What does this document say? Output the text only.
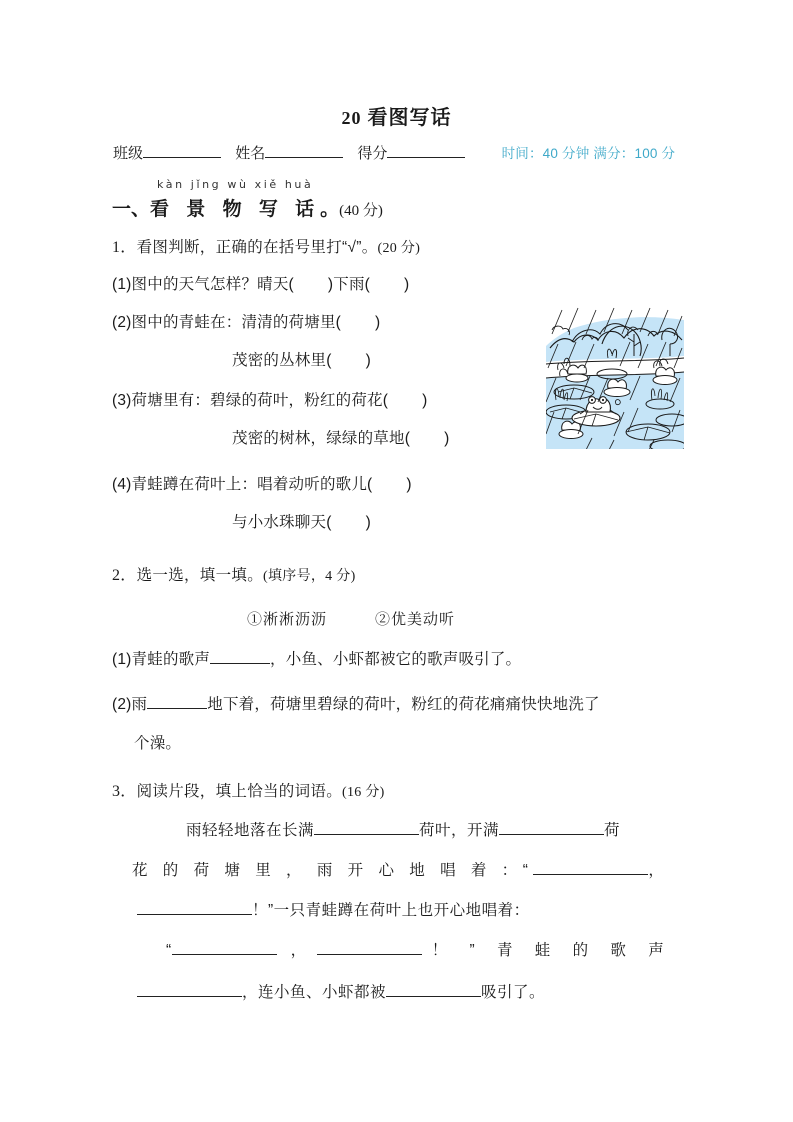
20 看图写话
班级	姓名	得分	时间：40 分钟 满分：100 分
kàn jǐng wù xiě huà
一、看 景 物 写 话。(40 分)
1．看图判断，正确的在括号里打“√”。(20 分)
(1)图中的天气怎样？晴天( )下雨( )
(2)图中的青蛙在：清清的荷塘里( )
茂密的丛林里( )
(3)荷塘里有：碧绿的荷叶，粉红的荷花( )
茂密的树林，绿绿的草地( )
(4)青蛙蹲在荷叶上：唱着动听的歌儿( )
与小水珠聊天( )
2．选一选，填一填。(填序号，4 分)
①淅淅沥沥	②优美动听
(1)青蛙的歌声	，小鱼、小虾都被它的歌声吸引了。
(2)雨	地下着，荷塘里碧绿的荷叶，粉红的荷花痛痛快快地洗了
个澡。
3．阅读片段，填上恰当的词语。(16 分)
雨轻轻地落在长满	荷叶，开满	荷
花 的 荷 塘 里 ， 雨 开 心 地 唱 着 ：“	，
！”一只青蛙蹲在荷叶上也开心地唱着：
“	，	！ ” 青 蛙 的 歌 声
，连小鱼、小虾都被	吸引了。
